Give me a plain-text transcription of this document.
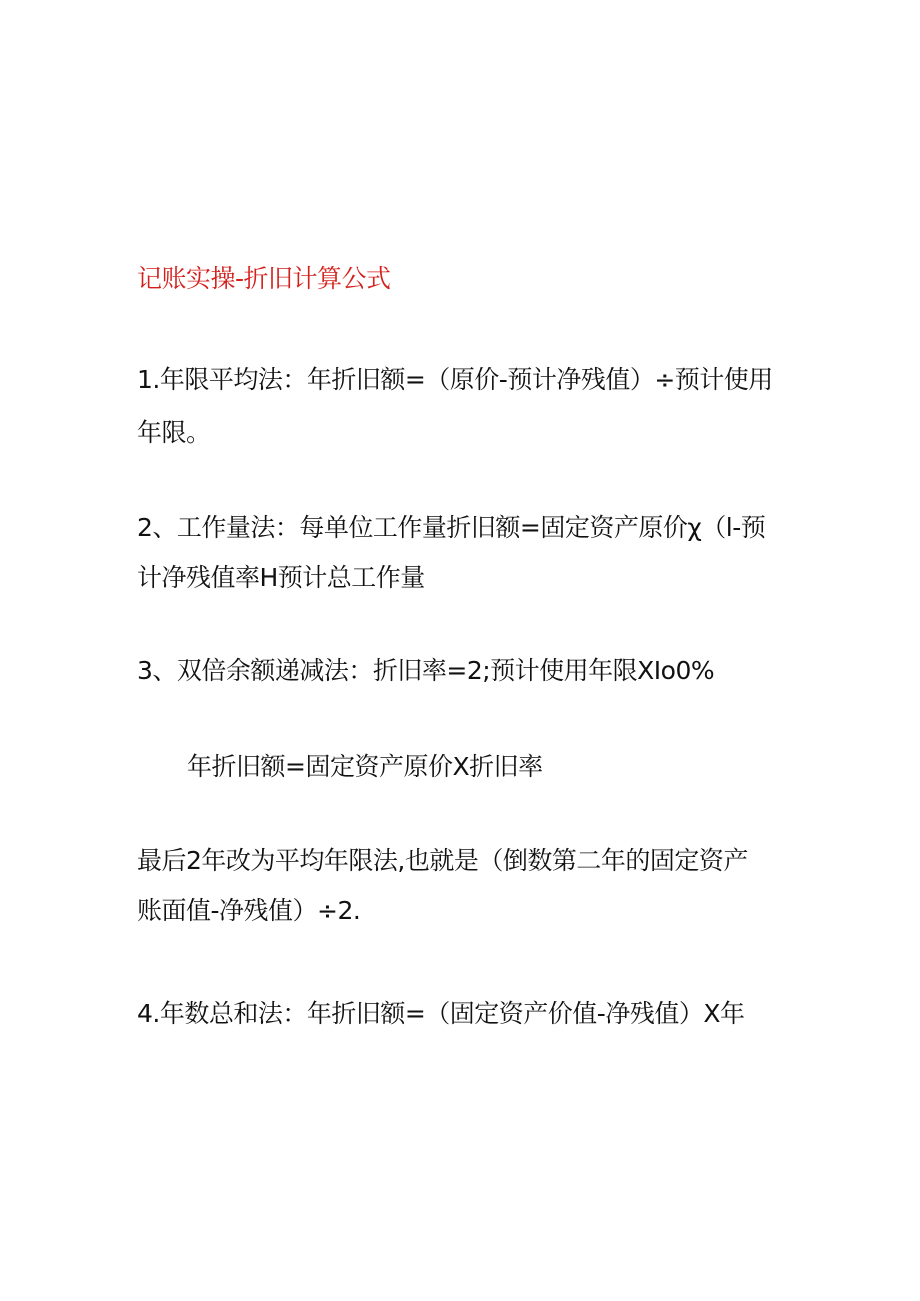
记账实操-折旧计算公式
1.年限平均法：年折旧额=（原价-预计净残值）÷预计使用
年限。
2、工作量法：每单位工作量折旧额=固定资产原价χ（l-预
计净残值率H预计总工作量
3、双倍余额递减法：折旧率=2;预计使用年限XIo0%
年折旧额=固定资产原价X折旧率
最后2年改为平均年限法,也就是（倒数第二年的固定资产
账面值-净残值）÷2.
4.年数总和法：年折旧额=（固定资产价值-净残值）X年
